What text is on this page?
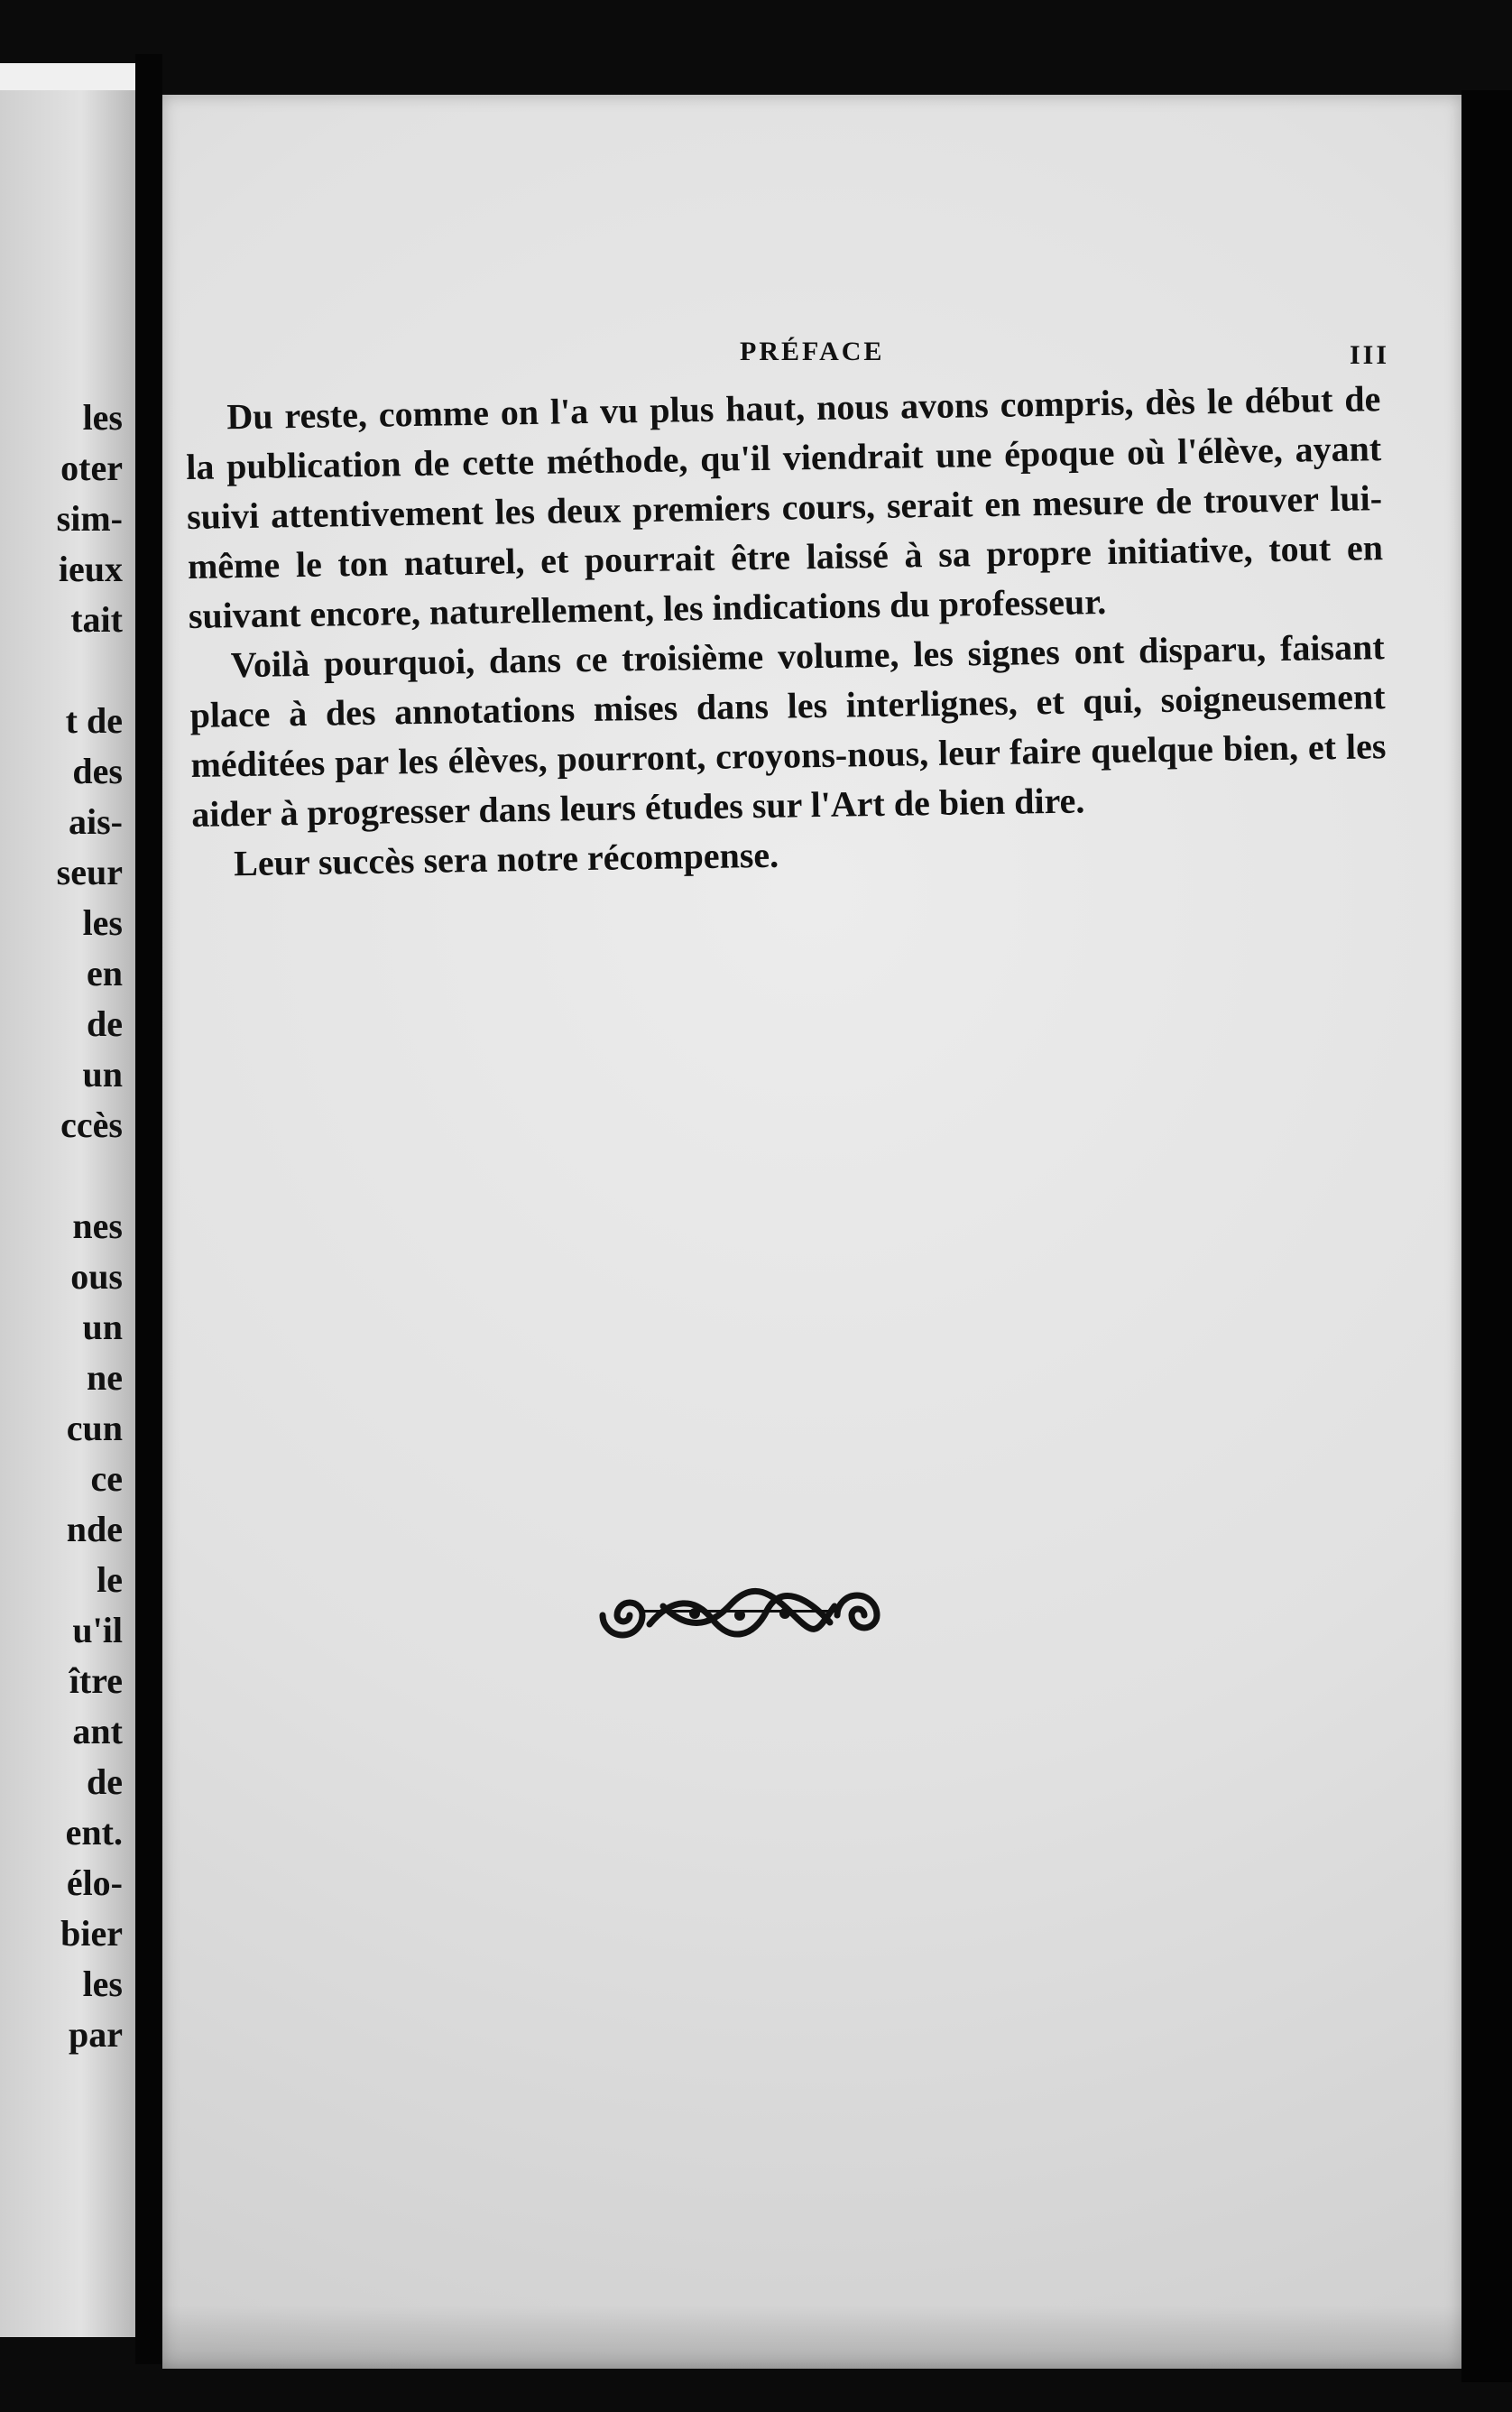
les
oter
sim-
ieux
tait
t de
des
ais-
seur
les
en
de
un
ccès
nes
ous
un
ne
cun
ce
nde
le
u'il
ître
ant
de
ent.
élo-
bier
les
par
PRÉFACE	III

Du reste, comme on l'a vu plus haut, nous avons compris, dès le début de la publication de cette méthode, qu'il viendrait une époque où l'élève, ayant suivi attentivement les deux premiers cours, serait en mesure de trouver lui-même le ton naturel, et pourrait être laissé à sa propre initiative, tout en suivant encore, naturellement, les indications du professeur.

Voilà pourquoi, dans ce troisième volume, les signes ont disparu, faisant place à des annotations mises dans les interlignes, et qui, soigneusement méditées par les élèves, pourront, croyons-nous, leur faire quelque bien, et les aider à progresser dans leurs études sur l'Art de bien dire.

Leur succès sera notre récompense.
